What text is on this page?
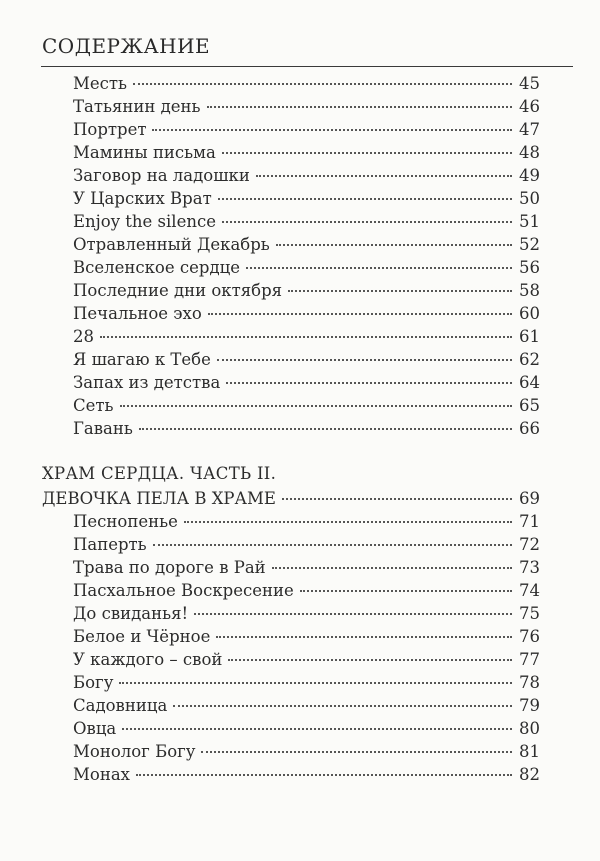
СОДЕРЖАНИЕ
Месть	45
Татьянин день	46
Портрет	47
Мамины письма	48
Заговор на ладошки	49
У Царских Врат	50
Enjoy the silence	51
Отравленный Декабрь	52
Вселенское сердце	56
Последние дни октября	58
Печальное эхо	60
28	61
Я шагаю к Тебе	62
Запах из детства	64
Сеть	65
Гавань	66
ХРАМ СЕРДЦА. ЧАСТЬ II.
ДЕВОЧКА ПЕЛА В ХРАМЕ	69
Песнопенье	71
Паперть	72
Трава по дороге в Рай	73
Пасхальное Воскресение	74
До свиданья!	75
Белое и Чёрное	76
У каждого – свой	77
Богу	78
Садовница	79
Овца	80
Монолог Богу	81
Монах	82
